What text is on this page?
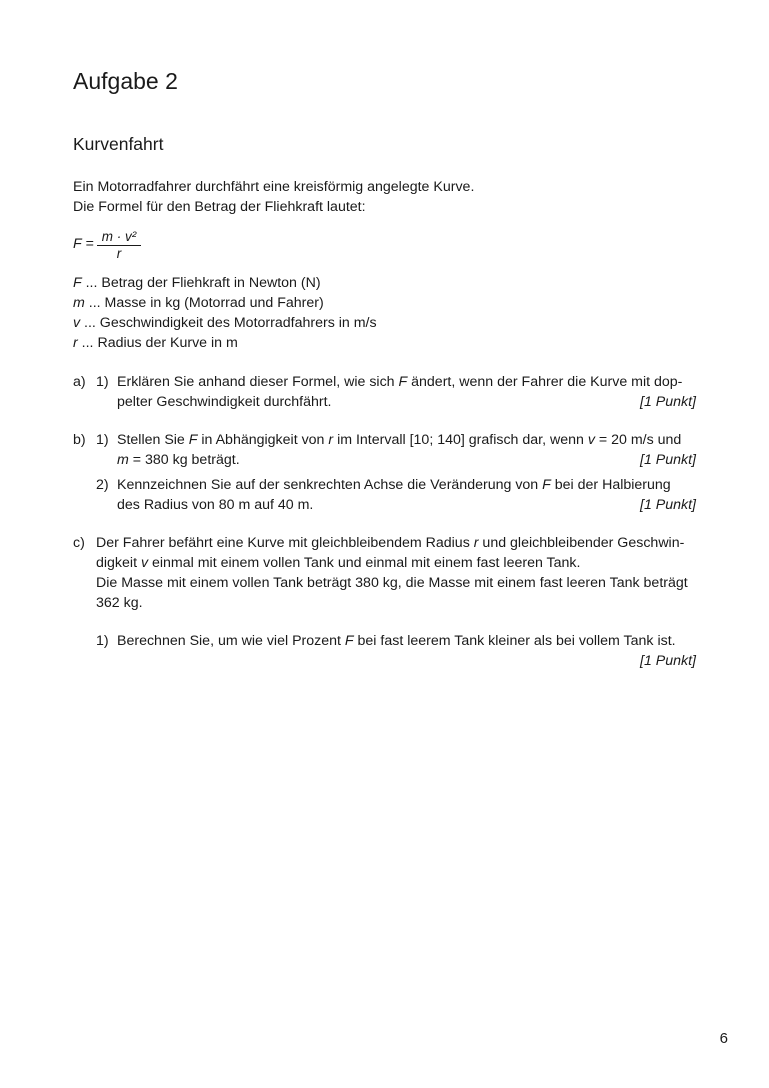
Aufgabe 2
Kurvenfahrt
Ein Motorradfahrer durchfährt eine kreisförmig angelegte Kurve.
Die Formel für den Betrag der Fliehkraft lautet:
$F = \frac{\text{m · v²}}{r}$
F ... Betrag der Fliehkraft in Newton (N)
m ... Masse in kg (Motorrad und Fahrer)
v ... Geschwindigkeit des Motorradfahrers in m/s
r ... Radius der Kurve in m
a) 1) Erklären Sie anhand dieser Formel, wie sich F ändert, wenn der Fahrer die Kurve mit dop-
pelter Geschwindigkeit durchfährt.	[1 Punkt]
b) 1) Stellen Sie F in Abhängigkeit von r im Intervall [10; 140] grafisch dar, wenn v = 20 m/s und
m = 380 kg beträgt.	[1 Punkt]
2) Kennzeichnen Sie auf der senkrechten Achse die Veränderung von F bei der Halbierung
des Radius von 80 m auf 40 m.	[1 Punkt]
c) Der Fahrer befährt eine Kurve mit gleichbleibendem Radius r und gleichbleibender Geschwin-
digkeit v einmal mit einem vollen Tank und einmal mit einem fast leeren Tank.
Die Masse mit einem vollen Tank beträgt 380 kg, die Masse mit einem fast leeren Tank beträgt
362 kg.
1) Berechnen Sie, um wie viel Prozent F bei fast leerem Tank kleiner als bei vollem Tank ist.
[1 Punkt]
6
